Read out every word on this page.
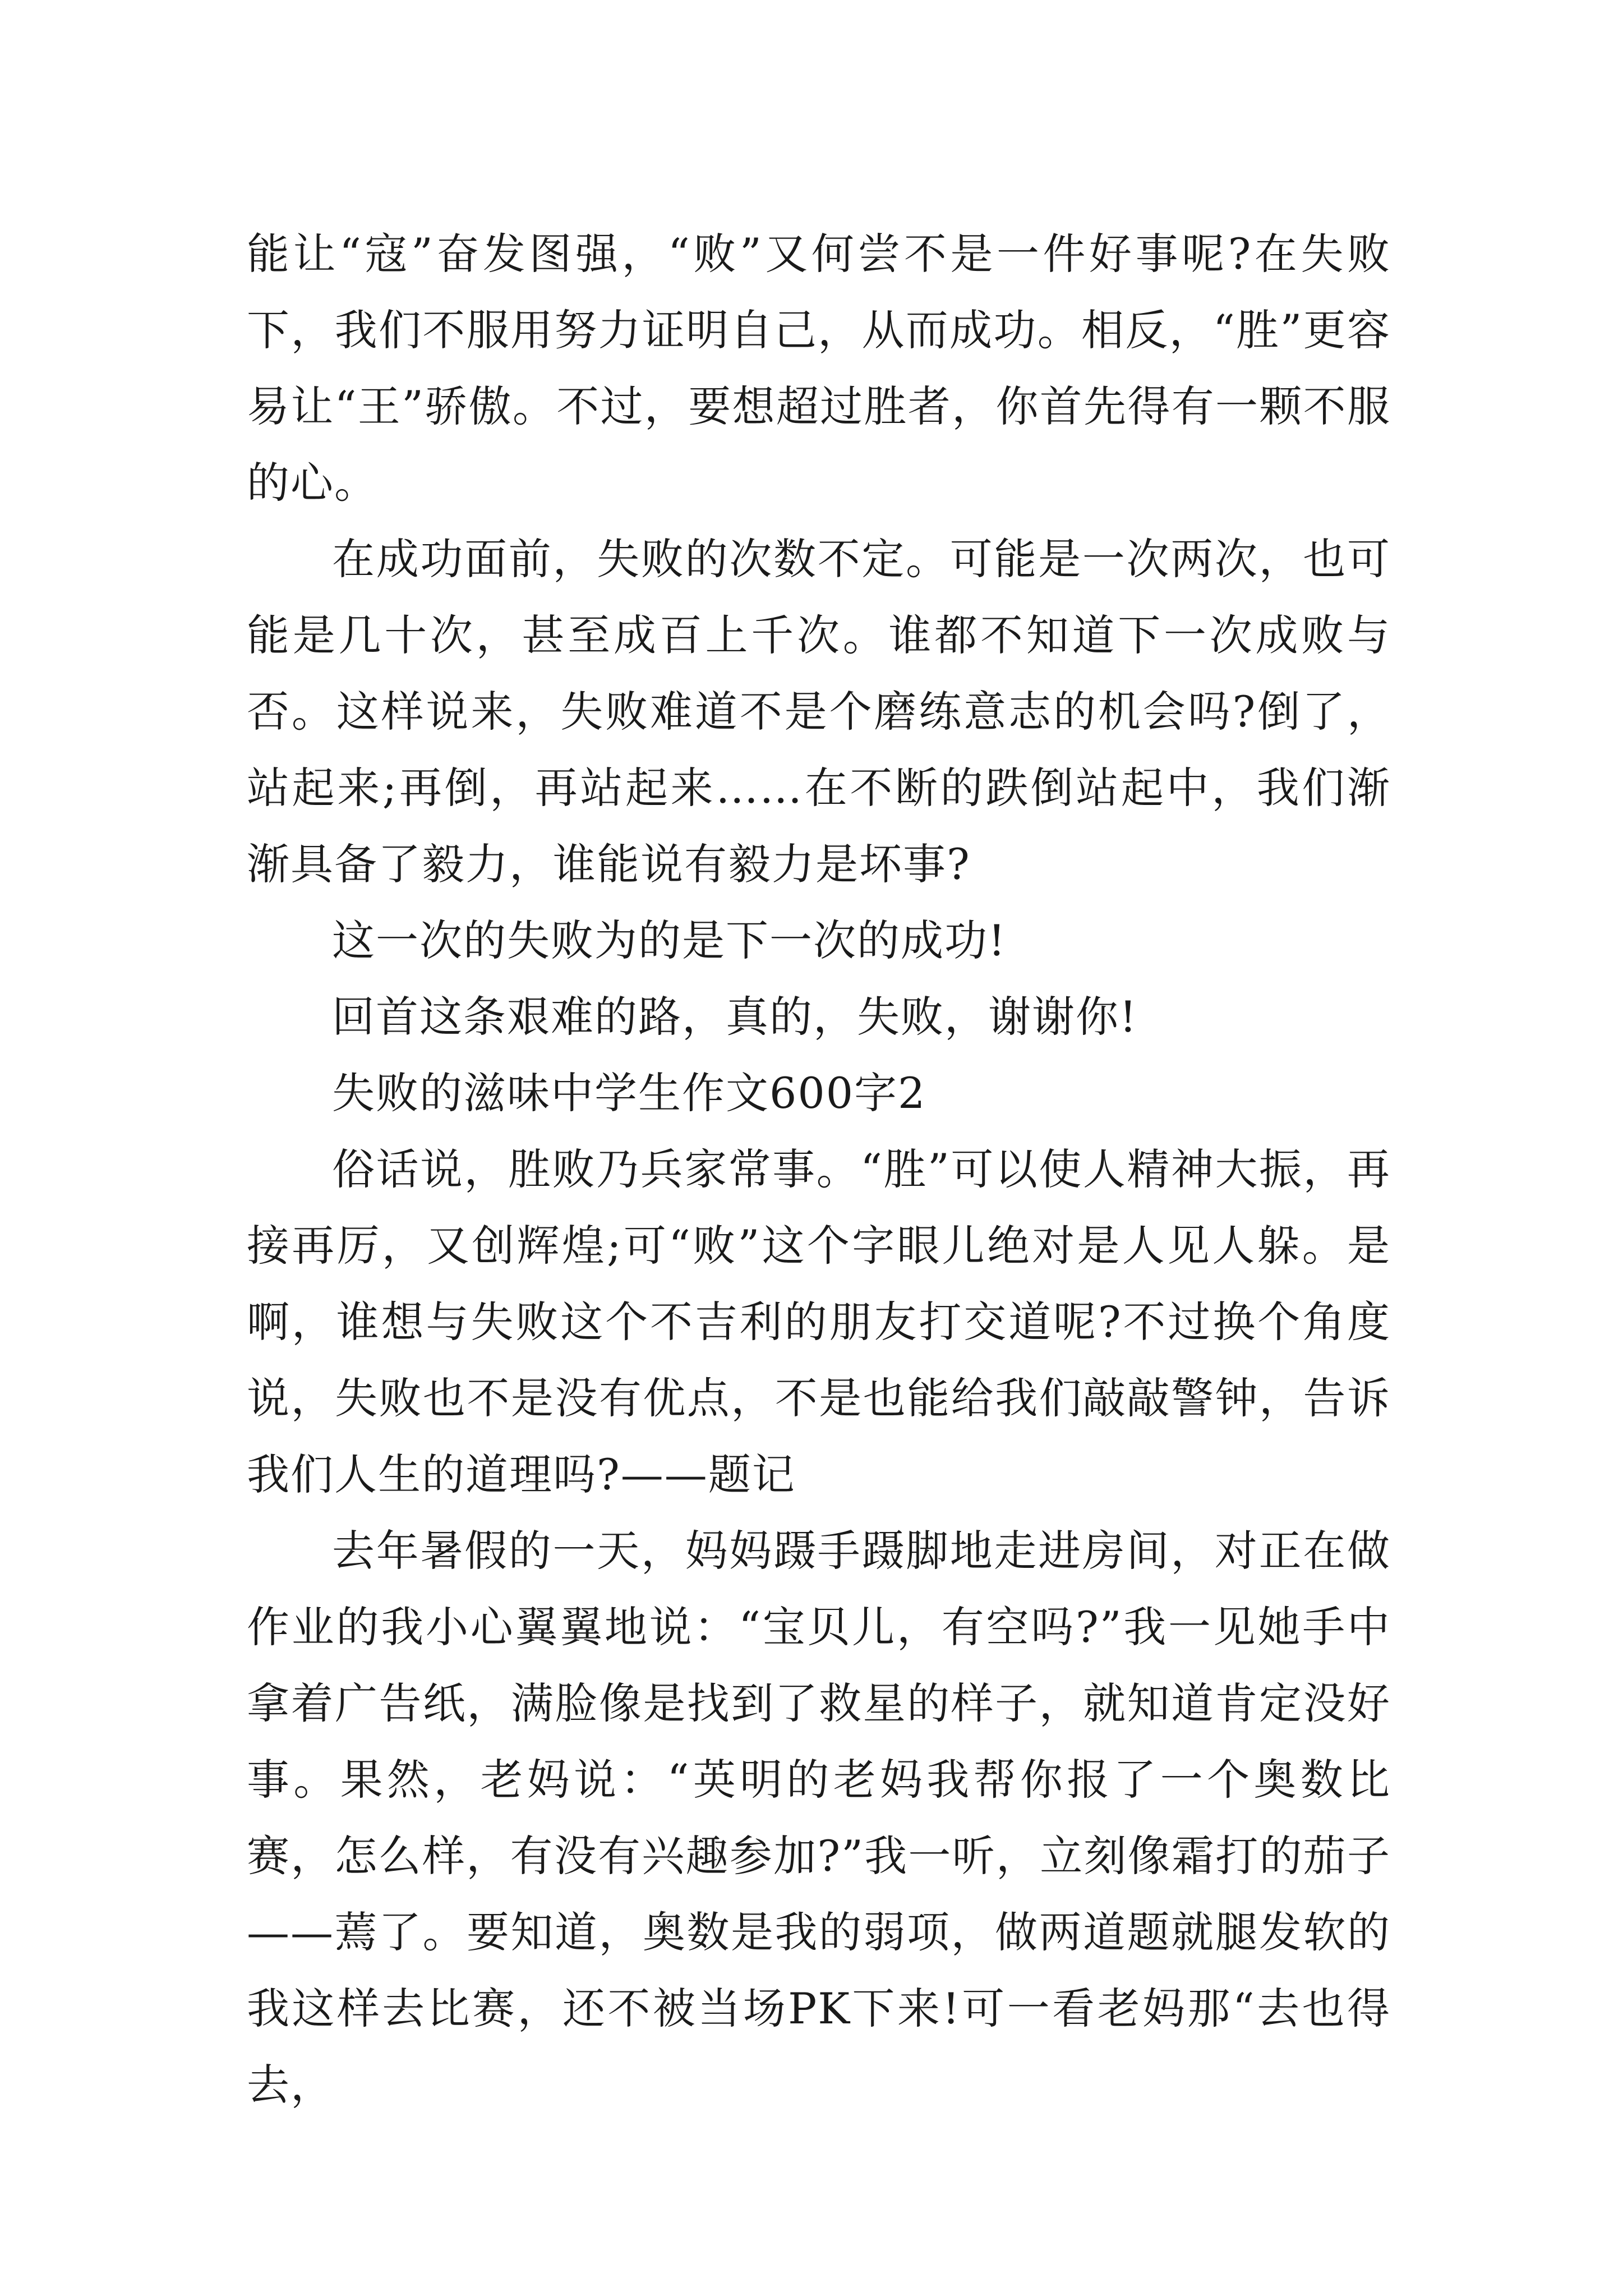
能让“寇”奋发图强，“败”又何尝不是一件好事呢?在失败下，我们不服用努力证明自己，从而成功。相反，“胜”更容易让“王”骄傲。不过，要想超过胜者，你首先得有一颗不服的心。

在成功面前，失败的次数不定。可能是一次两次，也可能是几十次，甚至成百上千次。谁都不知道下一次成败与否。这样说来，失败难道不是个磨练意志的机会吗?倒了，站起来;再倒，再站起来……在不断的跌倒站起中，我们渐渐具备了毅力，谁能说有毅力是坏事?

这一次的失败为的是下一次的成功!

回首这条艰难的路，真的，失败，谢谢你!

失败的滋味中学生作文600字2

俗话说，胜败乃兵家常事。“胜”可以使人精神大振，再接再厉，又创辉煌;可“败”这个字眼儿绝对是人见人躲。是啊，谁想与失败这个不吉利的朋友打交道呢?不过换个角度说，失败也不是没有优点，不是也能给我们敲敲警钟，告诉我们人生的道理吗?——题记

去年暑假的一天，妈妈蹑手蹑脚地走进房间，对正在做作业的我小心翼翼地说：“宝贝儿，有空吗?”我一见她手中拿着广告纸，满脸像是找到了救星的样子，就知道肯定没好事。果然，老妈说：“英明的老妈我帮你报了一个奥数比赛，怎么样，有没有兴趣参加?”我一听，立刻像霜打的茄子——蔫了。要知道，奥数是我的弱项，做两道题就腿发软的我这样去比赛，还不被当场PK下来!可一看老妈那“去也得去，
